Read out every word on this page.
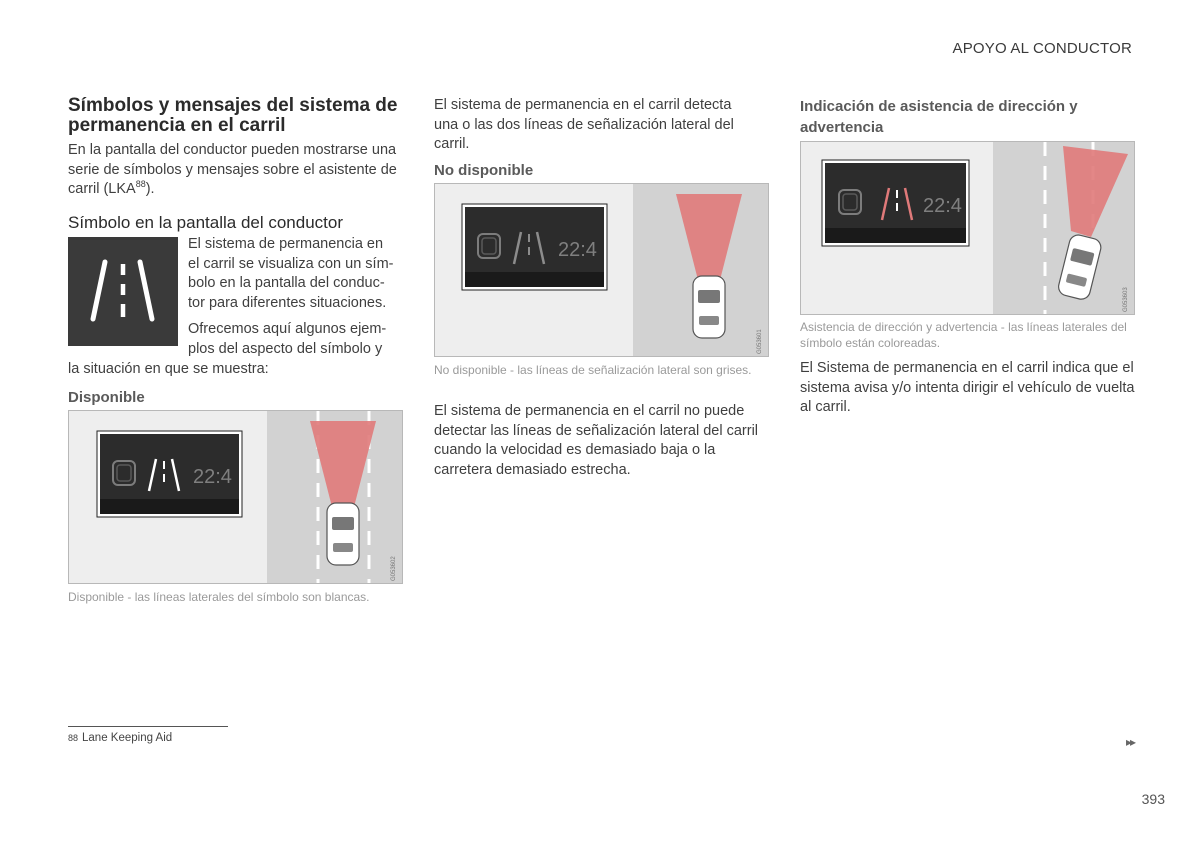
APOYO AL CONDUCTOR
Símbolos y mensajes del sistema de permanencia en el carril

En la pantalla del conductor pueden mostrarse una serie de símbolos y mensajes sobre el asistente de carril (LKA$^{88}$).

Símbolo en la pantalla del conductor

El sistema de permanencia en

el carril se visualiza con un sím-

bolo en la pantalla del conduc-

tor para diferentes situaciones.

Ofrecemos aquí algunos ejem-

plos del aspecto del símbolo y

la situación en que se muestra:

Disponible
22:4
G053602

Disponible - las líneas laterales del símbolo son blancas.

El sistema de permanencia en el carril detecta una o las dos líneas de señalización lateral del carril.

No disponible
22:4
G053601

No disponible - las líneas de señalización lateral son grises.

El sistema de permanencia en el carril no puede detectar las líneas de señalización lateral del carril cuando la velocidad es demasiado baja o la carretera demasiado estrecha.

Indicación de asistencia de dirección y advertencia
22:4
G053603

Asistencia de dirección y advertencia - las líneas laterales del símbolo están coloreadas.

El Sistema de permanencia en el carril indica que el sistema avisa y/o intenta dirigir el vehículo de vuelta al carril.

88 Lane Keeping Aid	▸▸
393
